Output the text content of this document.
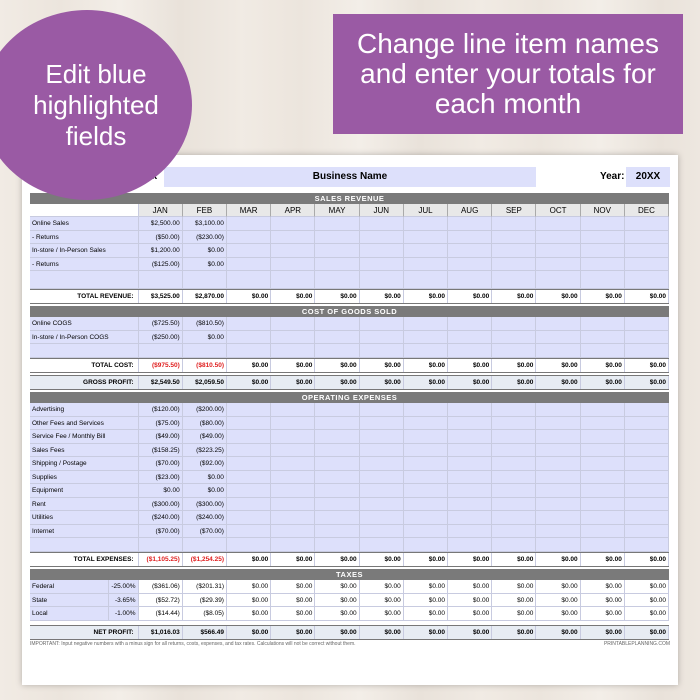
Edit blue highlighted fields
Change line item names and enter your totals for each month
Business Name	Year:	20XX
SALES REVENUE
JAN	FEB	MAR	APR	MAY	JUN	JUL	AUG	SEP	OCT	NOV	DEC
Online Sales	$2,500.00	$3,100.00
- Returns	($50.00)	($230.00)
In-store / In-Person Sales	$1,200.00	$0.00
- Returns	($125.00)	$0.00
TOTAL REVENUE:	$3,525.00	$2,870.00	$0.00	$0.00	$0.00	$0.00	$0.00	$0.00	$0.00	$0.00	$0.00	$0.00
COST OF GOODS SOLD
Online COGS	($725.50)	($810.50)
In-store / In-Person COGS	($250.00)	$0.00
TOTAL COST:	($975.50)	($810.50)	$0.00	$0.00	$0.00	$0.00	$0.00	$0.00	$0.00	$0.00	$0.00	$0.00
GROSS PROFIT:	$2,549.50	$2,059.50	$0.00	$0.00	$0.00	$0.00	$0.00	$0.00	$0.00	$0.00	$0.00	$0.00
OPERATING EXPENSES
Advertising	($120.00)	($200.00)
Other Fees and Services	($75.00)	($80.00)
Service Fee / Monthly Bill	($49.00)	($49.00)
Sales Fees	($158.25)	($223.25)
Shipping / Postage	($70.00)	($92.00)
Supplies	($23.00)	$0.00
Equipment	$0.00	$0.00
Rent	($300.00)	($300.00)
Utilities	($240.00)	($240.00)
Internet	($70.00)	($70.00)
TOTAL EXPENSES:	($1,105.25)	($1,254.25)	$0.00	$0.00	$0.00	$0.00	$0.00	$0.00	$0.00	$0.00	$0.00	$0.00
TAXES
Federal	-25.00%	($361.06)	($201.31)	$0.00	$0.00	$0.00	$0.00	$0.00	$0.00	$0.00	$0.00	$0.00	$0.00
State	-3.65%	($52.72)	($29.39)	$0.00	$0.00	$0.00	$0.00	$0.00	$0.00	$0.00	$0.00	$0.00	$0.00
Local	-1.00%	($14.44)	($8.05)	$0.00	$0.00	$0.00	$0.00	$0.00	$0.00	$0.00	$0.00	$0.00	$0.00
NET PROFIT:	$1,016.03	$566.49	$0.00	$0.00	$0.00	$0.00	$0.00	$0.00	$0.00	$0.00	$0.00	$0.00
IMPORTANT: Input negative numbers with a minus sign for all returns, costs, expenses, and tax rates. Calculations will not be correct without them.	PRINTABLEPLANNING.COM
